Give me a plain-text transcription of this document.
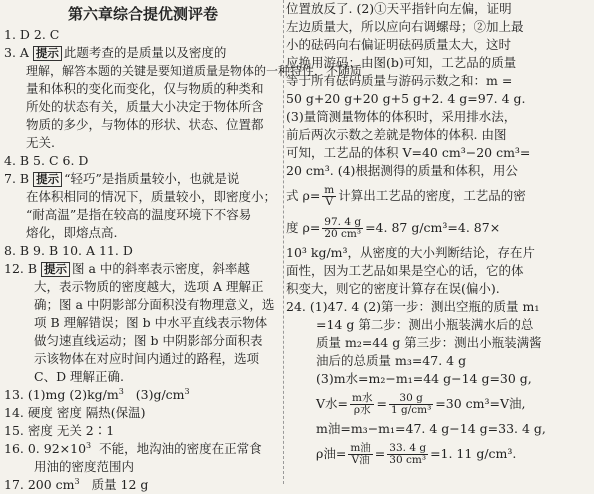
第六章综合提优测评卷
1. D 2. C
3. A 提示 此题考查的是质量以及密度的
理解，解答本题的关键是要知道质量是物体的一种特性，不随质
量和体积的变化而变化，仅与物质的种类和
所处的状态有关，质量大小决定于物体所含
物质的多少，与物体的形状、状态、位置都
无关.
4. B 5. C 6. D
7. B 提示 “轻巧”是指质量较小，也就是说
在体积相同的情况下，质量较小，即密度小；
“耐高温”是指在较高的温度环境下不容易
熔化，即熔点高.
8. B 9. B 10. A 11. D
12. B 提示 图 a 中的斜率表示密度，斜率越
大，表示物质的密度越大，选项 A 理解正
确；图 a 中阴影部分面积没有物理意义，选
项 B 理解错误；图 b 中水平直线表示物体
做匀速直线运动；图 b 中阴影部分面积表
示该物体在对应时间内通过的路程，选项
C、D 理解正确.
13. (1)mg $(2)kg/m^3$ $(3)g/cm^3$
14. 硬度 密度 隔热(保温)
15. 密度 无关 2∶1
16. 0. $92\times 10^3$ 不能，地沟油的密度在正常食
用油的密度范围内
17. 200 $cm^3$ 质量 12 g
位置放反了. (2)①天平指针向左偏，证明
左边质量大，所以应向右调螺母；②加上最
小的砝码向右偏证明砝码质量太大，这时
应换用游码；由图(b)可知，工艺品的质量
等于所有砝码质量与游码示数之和：m =
50 g+20 g+20 g+5 g+2. 4 g=97. 4 g.
(3)量筒测量物体的体积时，采用排水法，
前后两次示数之差就是物体的体积. 由图
可知，工艺品的体积 V=40 cm³−20 cm³=
20 cm³. (4)根据测得的质量和体积，用公
式 $\rho= \frac{m}{V}$ 计算出工艺品的密度，工艺品的密
度 $\rho= \frac{97. 4 g}{\text{20 cm³}} =4$. 87 g/cm³=4. 87×
10³ kg/m³，从密度的大小判断结论，存在片
面性，因为工艺品如果是空心的话，它的体
积变大，则它的密度计算存在误(偏小).
24. (1)47. 4 (2)第一步：测出空瓶的质量 m₁
=14 g 第二步：测出小瓶装满水后的总
质量 m₂=44 g 第三步：测出小瓶装满酱
油后的总质量 m₃=47. 4 g
(3)m水=m₂−m₁=44 g−14 g=30 g,
V水= $\frac{\text{m水}}{\text{ρ水}} = \frac{30 g}{\text{1 g/cm³}} =30$ cm³=V油,
m油=m₃−m₁=47. 4 g−14 g=33. 4 g,
ρ油= $\frac{\text{m油}}{\text{V油}} = \frac{33. 4 g}{\text{30 cm³}} =1$. 11 g/cm³.
